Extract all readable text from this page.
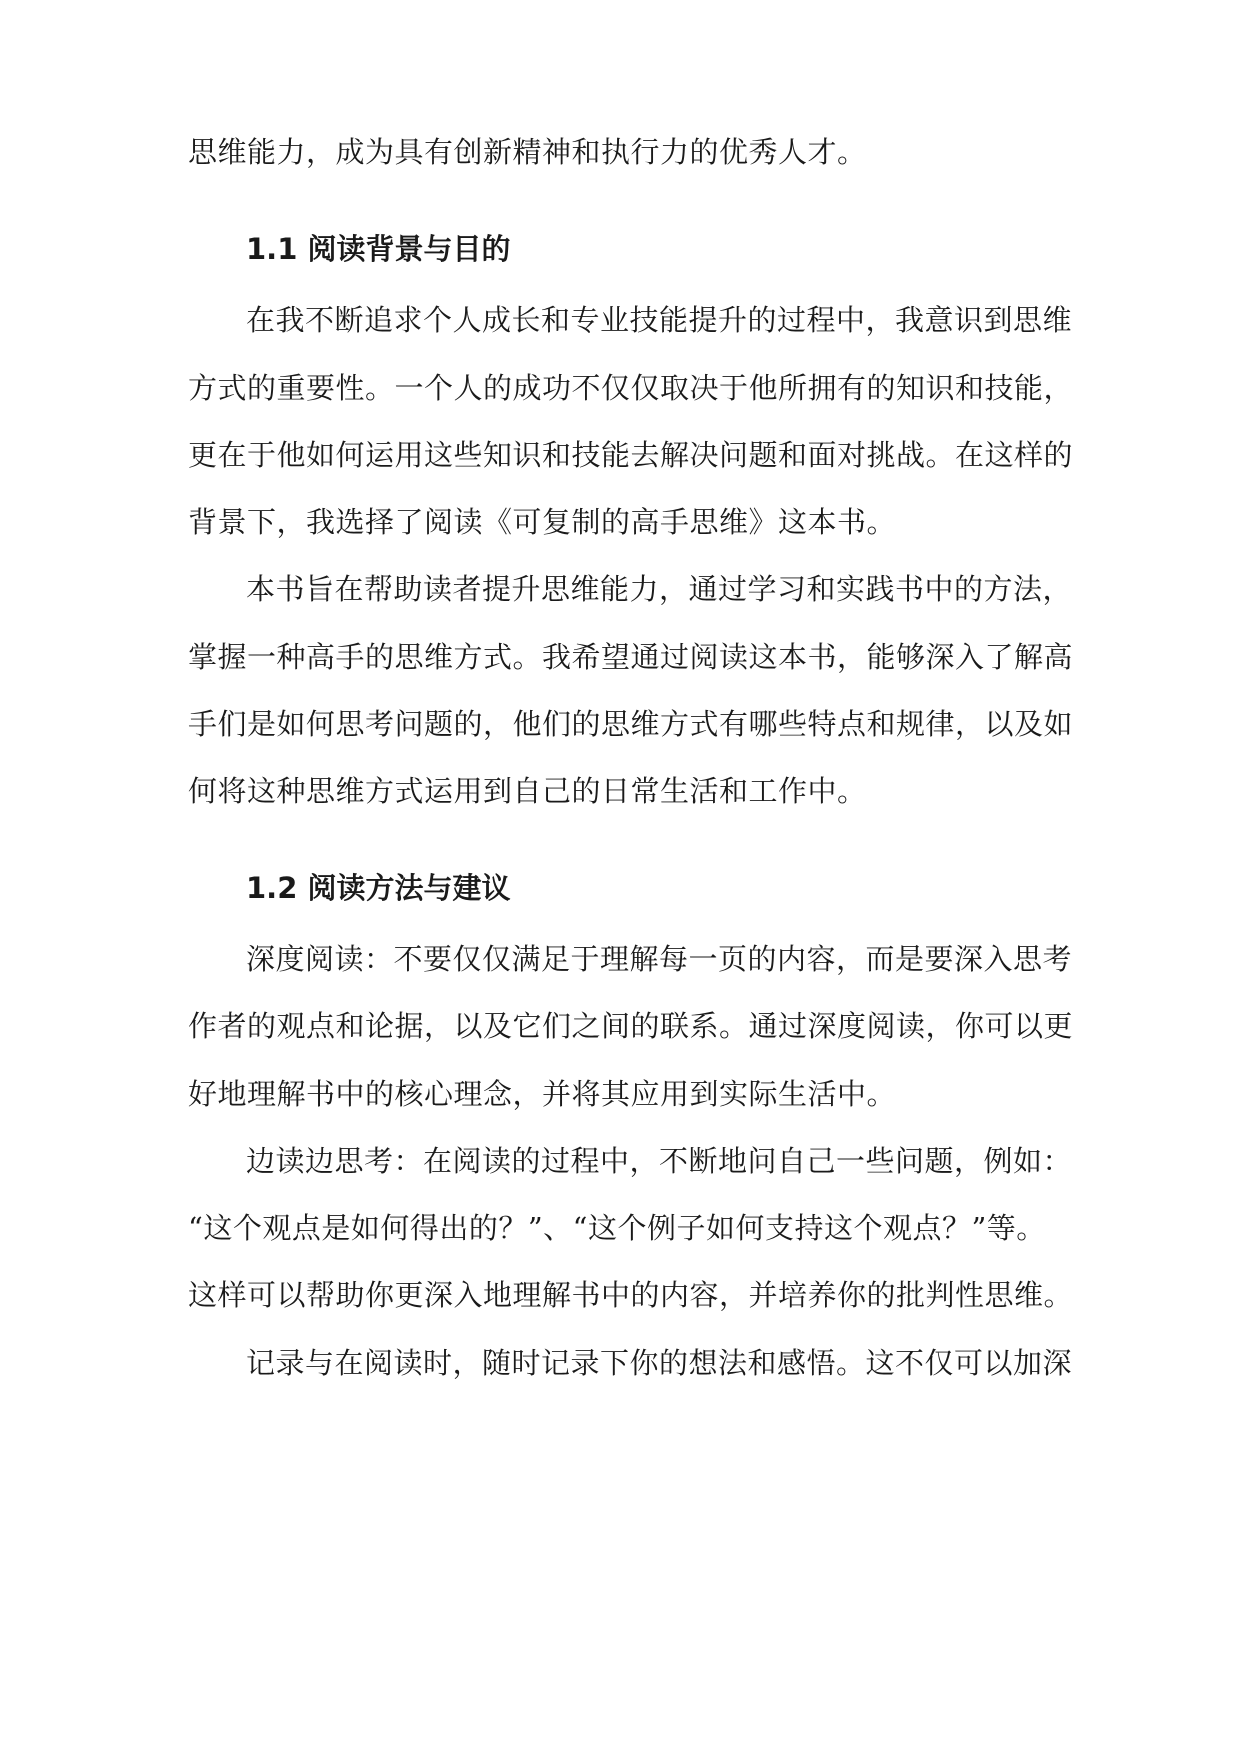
思维能力，成为具有创新精神和执行力的优秀人才。
1.1 阅读背景与目的
在我不断追求个人成长和专业技能提升的过程中，我意识到思维
方式的重要性。一个人的成功不仅仅取决于他所拥有的知识和技能，
更在于他如何运用这些知识和技能去解决问题和面对挑战。在这样的
背景下，我选择了阅读《可复制的高手思维》这本书。
本书旨在帮助读者提升思维能力，通过学习和实践书中的方法，
掌握一种高手的思维方式。我希望通过阅读这本书，能够深入了解高
手们是如何思考问题的，他们的思维方式有哪些特点和规律，以及如
何将这种思维方式运用到自己的日常生活和工作中。
1.2 阅读方法与建议
深度阅读：不要仅仅满足于理解每一页的内容，而是要深入思考
作者的观点和论据，以及它们之间的联系。通过深度阅读，你可以更
好地理解书中的核心理念，并将其应用到实际生活中。
边读边思考：在阅读的过程中，不断地问自己一些问题，例如：
“这个观点是如何得出的？”、“这个例子如何支持这个观点？”等。
这样可以帮助你更深入地理解书中的内容，并培养你的批判性思维。
记录与在阅读时，随时记录下你的想法和感悟。这不仅可以加深
